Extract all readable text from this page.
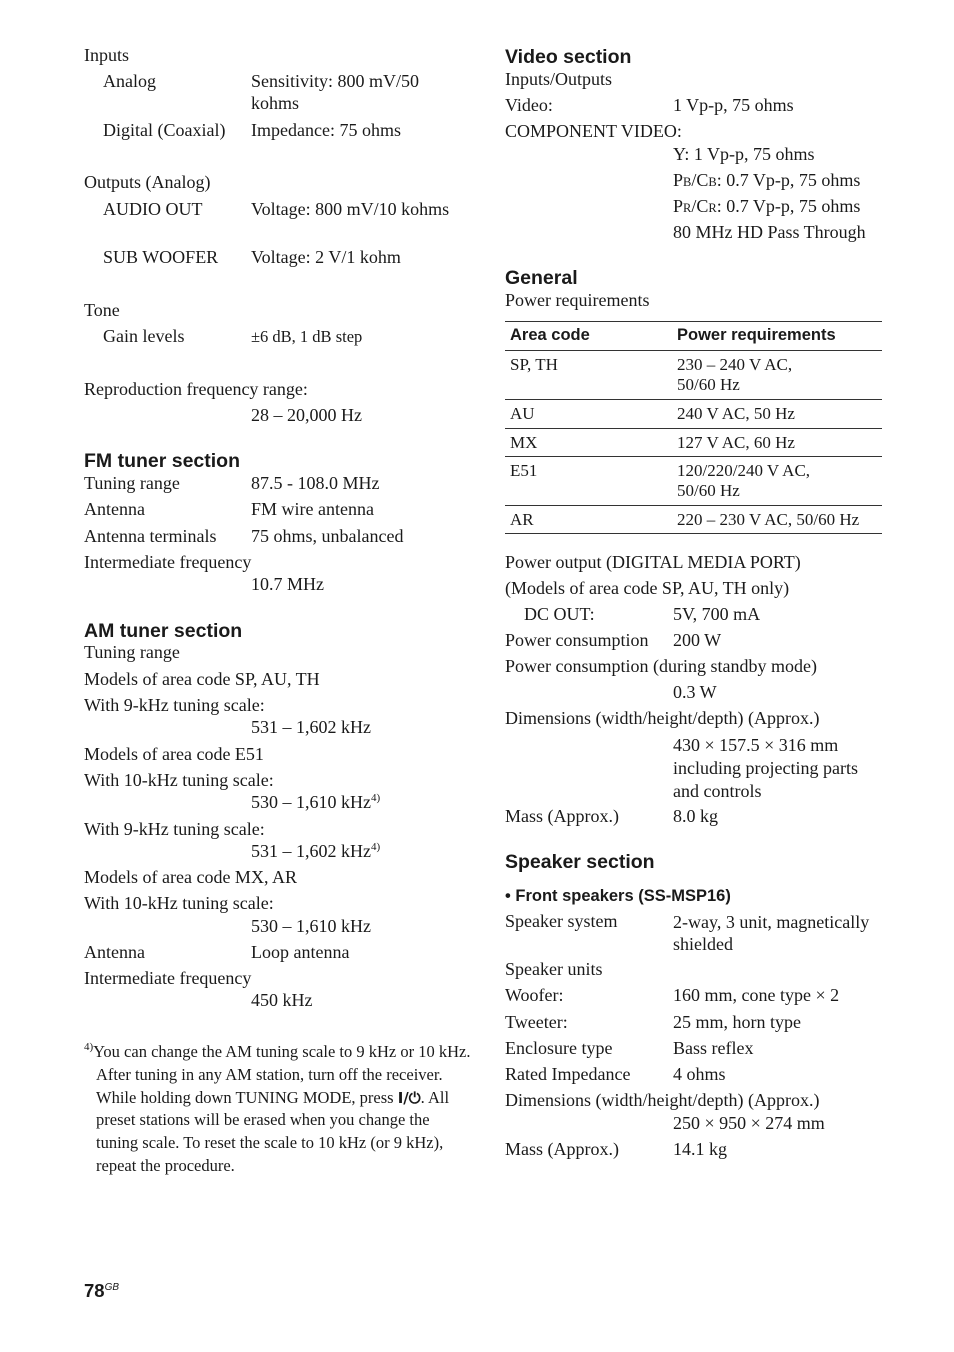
Inputs
Analog	Sensitivity: 800 mV/50 kohms
Digital (Coaxial) Impedance: 75 ohms
Outputs (Analog)
AUDIO OUT	Voltage: 800 mV/10 kohms
SUB WOOFER Voltage: 2 V/1 kohm
Tone
Gain levels	±6 dB, 1 dB step
Reproduction frequency range:
28 – 20,000 Hz
FM tuner section
Tuning range	87.5 - 108.0 MHz
Antenna	FM wire antenna
Antenna terminals 75 ohms, unbalanced
Intermediate frequency
10.7 MHz
AM tuner section
Tuning range
Models of area code SP, AU, TH
With 9-kHz tuning scale:
531 – 1,602 kHz
Models of area code E51
With 10-kHz tuning scale:
530 – 1,610 kHz$^{4)}$
With 9-kHz tuning scale:
531 – 1,602 kHz$^{4)}$
Models of area code MX, AR
With 10-kHz tuning scale:
530 – 1,610 kHz
Antenna	Loop antenna
Intermediate frequency
450 kHz
$^{4)}$You can change the AM tuning scale to 9 kHz or 10 kHz. After tuning in any AM station, turn off the receiver. While holding down TUNING MODE, press I/⏻. All preset stations will be erased when you change the tuning scale. To reset the scale to 10 kHz (or 9 kHz), repeat the procedure.
Video section
Inputs/Outputs
Video:	1 Vp-p, 75 ohms
COMPONENT VIDEO:
Y: 1 Vp-p, 75 ohms
PB/CB: 0.7 Vp-p, 75 ohms
PR/CR: 0.7 Vp-p, 75 ohms
80 MHz HD Pass Through
General
Power requirements
Area code	Power requirements
SP, TH	230 – 240 V AC, 50/60 Hz
AU	240 V AC, 50 Hz
MX	127 V AC, 60 Hz
E51	120/220/240 V AC, 50/60 Hz
AR	220 – 230 V AC, 50/60 Hz
Power output (DIGITAL MEDIA PORT)
(Models of area code SP, AU, TH only)
DC OUT:	5V, 700 mA
Power consumption 200 W
Power consumption (during standby mode)
0.3 W
Dimensions (width/height/depth) (Approx.)
430 × 157.5 × 316 mm including projecting parts and controls
Mass (Approx.)	8.0 kg
Speaker section
• Front speakers (SS-MSP16)
Speaker system	2-way, 3 unit, magnetically shielded
Speaker units
Woofer:	160 mm, cone type × 2
Tweeter:	25 mm, horn type
Enclosure type	Bass reflex
Rated Impedance 4 ohms
Dimensions (width/height/depth) (Approx.)
250 × 950 × 274 mm
Mass (Approx.)	14.1 kg
$78^{GB}$
